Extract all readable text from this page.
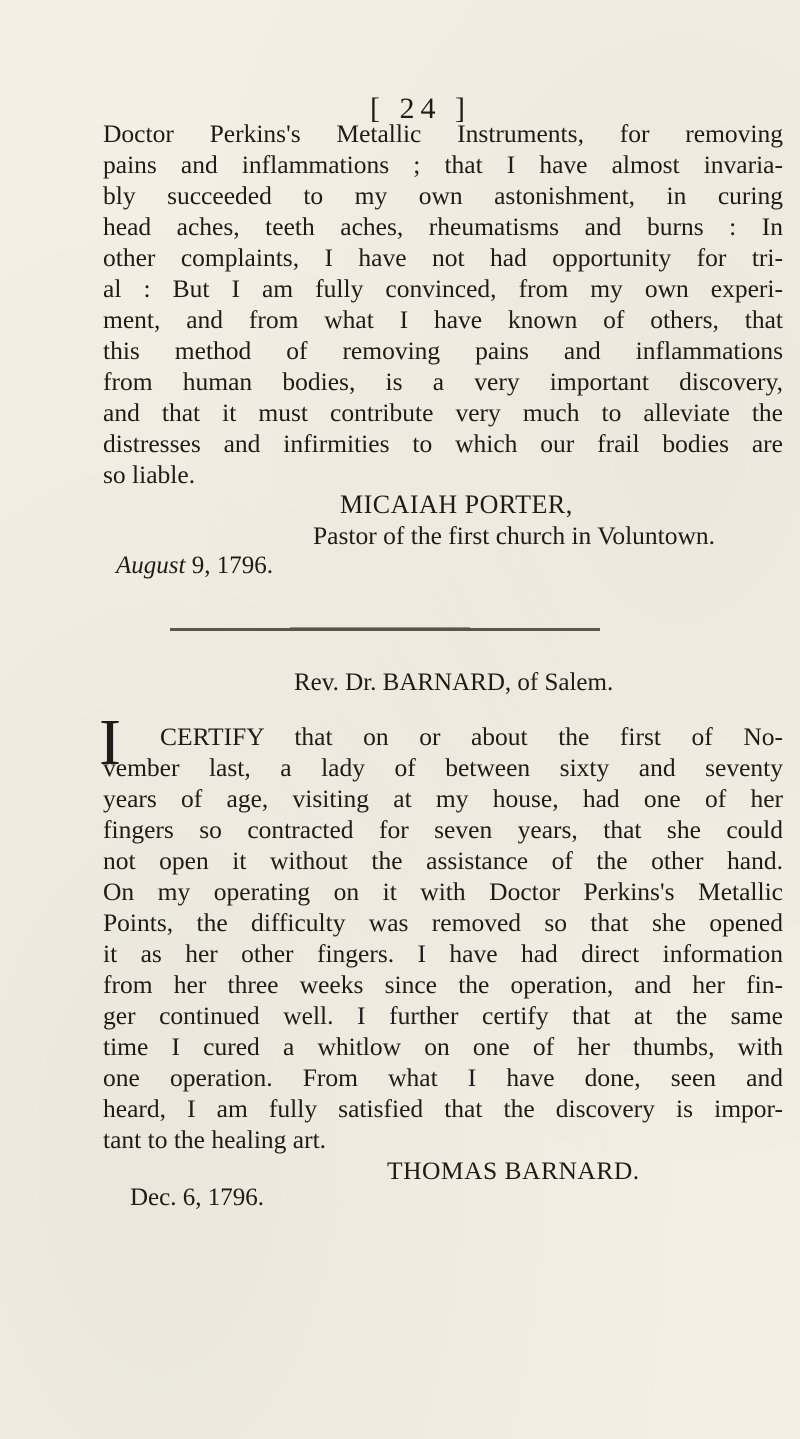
[ 24 ]
Doctor Perkins's Metallic Instruments, for removing
pains and inflammations ; that I have almost invaria-
bly succeeded to my own astonishment, in curing
head aches, teeth aches, rheumatisms and burns : In
other complaints, I have not had opportunity for tri-
al : But I am fully convinced, from my own experi-
ment, and from what I have known of others, that
this method of removing pains and inflammations
from human bodies, is a very important discovery,
and that it must contribute very much to alleviate the
distresses and infirmities to which our frail bodies are
so liable.
MICAIAH PORTER,
Pastor of the first church in Voluntown.
August 9, 1796.
Rev. Dr. BARNARD, of Salem.
I CERTIFY that on or about the first of No-
vember last, a lady of between sixty and seventy
years of age, visiting at my house, had one of her
fingers so contracted for seven years, that she could
not open it without the assistance of the other hand.
On my operating on it with Doctor Perkins's Metallic
Points, the difficulty was removed so that she opened
it as her other fingers. I have had direct information
from her three weeks since the operation, and her fin-
ger continued well. I further certify that at the same
time I cured a whitlow on one of her thumbs, with
one operation. From what I have done, seen and
heard, I am fully satisfied that the discovery is impor-
tant to the healing art.
THOMAS BARNARD.
Dec. 6, 1796.
